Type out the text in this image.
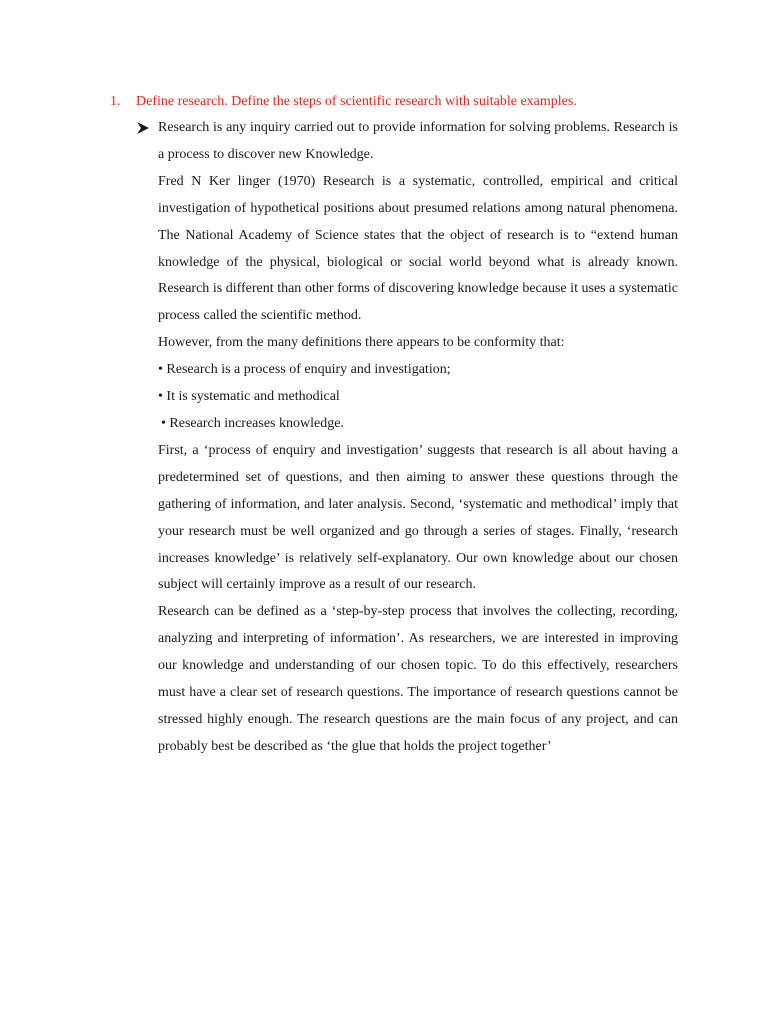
1. Define research. Define the steps of scientific research with suitable examples.

Research is any inquiry carried out to provide information for solving problems. Research is a process to discover new Knowledge.

Fred N Ker linger (1970) Research is a systematic, controlled, empirical and critical investigation of hypothetical positions about presumed relations among natural phenomena. The National Academy of Science states that the object of research is to “extend human knowledge of the physical, biological or social world beyond what is already known. Research is different than other forms of discovering knowledge because it uses a systematic process called the scientific method.

However, from the many definitions there appears to be conformity that:

• Research is a process of enquiry and investigation;

• It is systematic and methodical

• Research increases knowledge.

First, a ‘process of enquiry and investigation’ suggests that research is all about having a predetermined set of questions, and then aiming to answer these questions through the gathering of information, and later analysis. Second, ‘systematic and methodical’ imply that your research must be well organized and go through a series of stages. Finally, ‘research increases knowledge’ is relatively self-explanatory. Our own knowledge about our chosen subject will certainly improve as a result of our research.

Research can be defined as a ‘step-by-step process that involves the collecting, recording, analyzing and interpreting of information’. As researchers, we are interested in improving our knowledge and understanding of our chosen topic. To do this effectively, researchers must have a clear set of research questions. The importance of research questions cannot be stressed highly enough. The research questions are the main focus of any project, and can probably best be described as ‘the glue that holds the project together’
